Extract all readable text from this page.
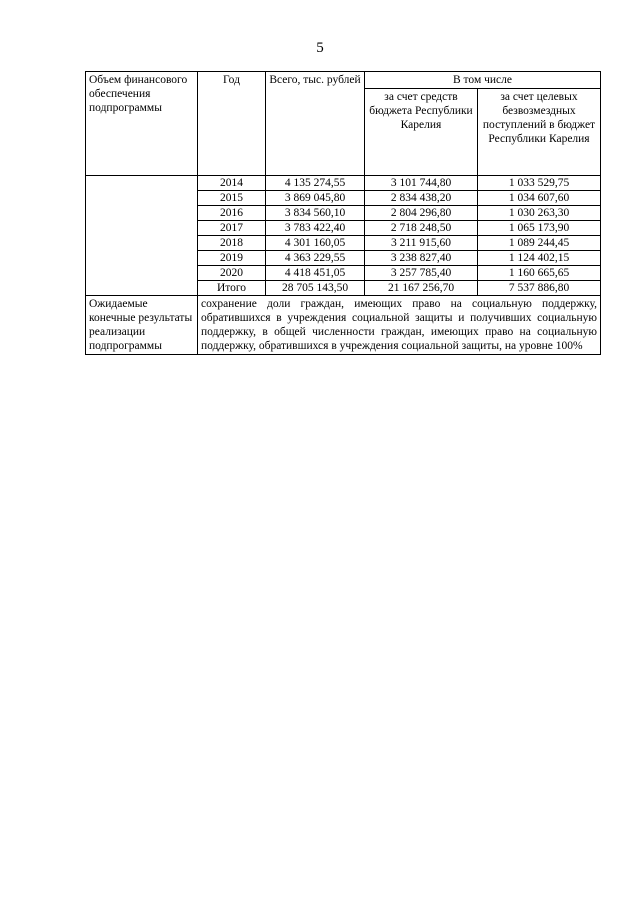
5
Объем финансового обеспечения подпрограммы	Год	Всего, тыс. рублей	В том числе	
			за счет средств бюджета Республики Карелия	за счет целевых безвозмездных поступлений в бюджет Республики Карелия
	2014	4 135 274,55	3 101 744,80	1 033 529,75
	2015	3 869 045,80	2 834 438,20	1 034 607,60
	2016	3 834 560,10	2 804 296,80	1 030 263,30
	2017	3 783 422,40	2 718 248,50	1 065 173,90
	2018	4 301 160,05	3 211 915,60	1 089 244,45
	2019	4 363 229,55	3 238 827,40	1 124 402,15
	2020	4 418 451,05	3 257 785,40	1 160 665,65
	Итого	28 705 143,50	21 167 256,70	7 537 886,80
Ожидаемые конечные результаты реализации подпрограммы	сохранение доли граждан, имеющих право на социальную поддержку, обратившихся в учреждения социальной защиты и получивших социальную поддержку, в общей численности граждан, имеющих право на социальную поддержку, обратившихся в учреждения социальной защиты, на уровне 100%			
